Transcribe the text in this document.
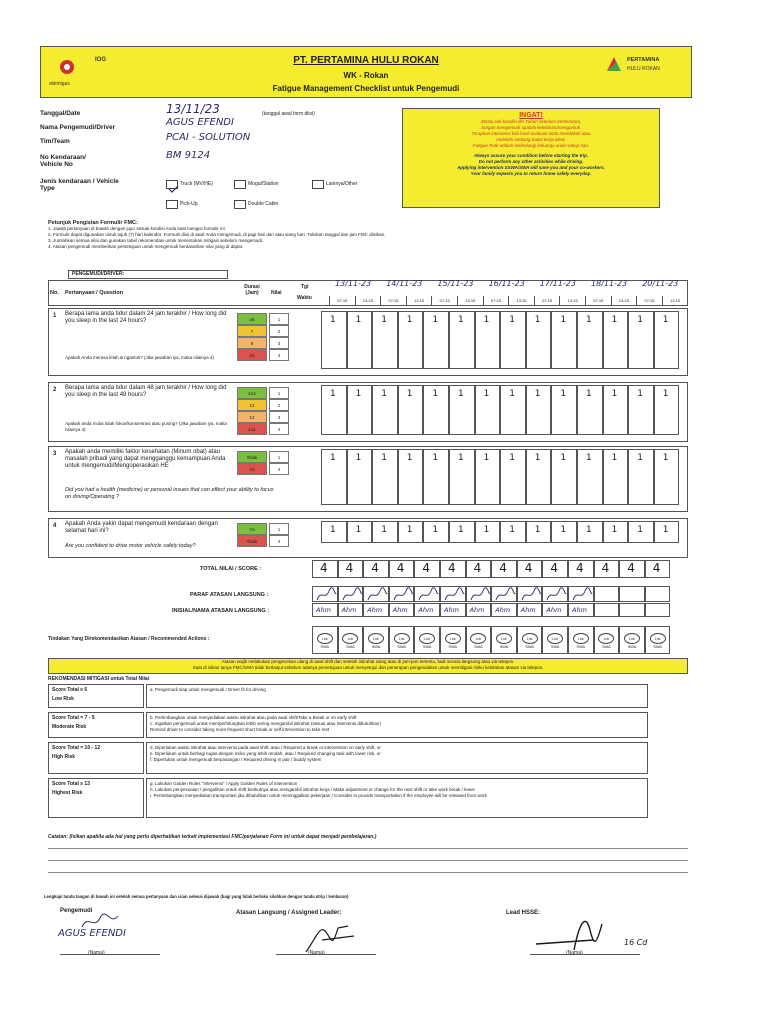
IOG
skkmigas
PT. PERTAMINA HULU ROKAN
WK - Rokan
Fatigue Management Checklist untuk Pengemudi
PERTAMINA
HULU ROKAN
Tanggal/Date	13/11/23	(tanggal awal form diisi)
Nama Pengemudi/Driver	AGUS EFENDI
Tim/Team	PCAI - SOLUTION
No Kendaraan/ Vehicle No
BM 9124
Jenis kendaraan / Vehicle Type
Truck (MV/HE)	Mogul/Station	Lainnya/Other
Pick-Up	Double Cabin
INGAT!
Selalu cek kondisi diri Tuhan sebelum berkendara,
Jangan mengemudi apabila kelelahan/mengantuk.
Terapkan intervensi bila hasil evaluasi anda mendekati atau
melebihi ambang batas kerja ideal.
Fatigue Rule adalah melindungi keluarga anda setiap hari.
Always assure your condition before starting the trip.
Do not perform any other activities while driving.
Applying intervention SSWA/SWA will save you and your co-workers.
Your family expects you to return home safely everyday.
Petunjuk Pengisian Formulir FMC:
1. Jawab pertanyaan di bawah dengan jujur sesuai kondisi Anda saat mengisi formulir ini.
2. Formulir dapat digunakan untuk tujuh (7) hari kalender. Formulir diisi di awal Anda mengemudi, di pagi hari dan atau siang hari. Tuliskan tanggal dan jam FMC diisikan.
3. Jumlahkan semua nilai dan gunakan tabel rekomendasi untuk menentukan mitigasi sebelum mengemudi.
4. Atasan pengemudi memberikan persetujuan untuk mengemudi berdasarkan nilai yang di dapat.
PENGEMUDI/DRIVER:
No. Pertanyaan / Question
Durasi (Jam)	Nilai
Tgl
Waktu
13/11-23	14/11-23	15/11-23	16/11-23	17/11-23	18/11-23	20/11-23
07:15	13:15	07:15	13:15	07:15	13:15	07:15	13:15	07:15	13:15	07:15	13:15	07:15	13:15
1 Berapa lama anda tidur dalam 24 jam terakhir / How long did you sleep in the last 24 hours?
Apakah Anda merasa lelah & ngantuk? (Jika jawaban iya, maka nilainya 4)
≥8	1
7	2
6	3
≤5	4
1 1 1 1 1 1 1 1 1 1 1 1 1 1
2 Berapa lama anda tidur dalam 48 jam terakhir / How long did you sleep in the last 48 hours?
Apakah anda mulai tidak fokus/konsentrasi atau pusing? (Jika jawaban iya, maka nilainya 4)
≥14	1
13	2
12	3
≤11	4
1 1 1 1 1 1 1 1 1 1 1 1 1 1
3 Apakah anda memiliki faktor kesehatan (Minum obat) atau masalah pribadi yang dapat mengganggu kemampuan Anda untuk mengemudi/Mengoperasikan HE
Did you had a health (medicine) or personal issues that can effect your ability to focus on driving/Operating ?
Tidak	1
Ya	4
1 1 1 1 1 1 1 1 1 1 1 1 1 1
4 Apakah Anda yakin dapat mengemudi kendaraan dengan selamat hari ini?
Are you confident to drive motor vehicle safely today?
Ya	1
Tidak	4
1 1 1 1 1 1 1 1 1 1 1 1 1 1
TOTAL NILAI / SCORE :
PARAF ATASAN LANGSUNG :
INISIAL/NAMA ATASAN LANGSUNG :
Tindakan Yang Direkomendasikan Atasan / Recommended Actions :
4 4 4 4 4 4 4 4 4 4 4 4 4 4
Ahm Ahm Ahm Ahm Ahm Ahm Ahm Ahm Ahm Ahm Ahm
Lnk
SWA
Lnk
SWA
Lnk
SWA
Lnk
SWA
Lnk
SWA
Lnk
SWA
Lnk
SWA
Lnk
SWA
Lnk
SWA
Lnk
SWA
Lnk
SWA
Lnk
SWA
Lnk
SWA
Lnk
SWA
Atasan wajib melakukan pengecekan ulang di awal shift dan setelah istirahat siang atau di jam-jam tertentu, baik secara langsung atau via telepon.
Saat di isikan tanya FMC/SWA tidak berlanjut sebelum adanya persetujuan untuk menyetujui dan penerapan pengendalian untuk memitigasi risiko kelelahan atasan via telepon.
REKOMENDASI MITIGASI untuk Total Nilai
Score Total ≤ 6
Low Risk
a. Pengemudi siap untuk mengemudi / Driver fit for driving
Score Total = 7 - 9
Moderate Risk
b. Pertimbangkan untuk menyediakan waktu istirahat atau pada awal shift/Take a Break or on early shift
c. Ingatkan pengemudi untuk memperhitungkan lebih sering mengambil istirahat (sesuai atau Intervensi dibutuhkan)
Remind driver to consider taking more frequent short break or self intervention to take rest
Score Total = 10 - 12
High Risk
d. Diperlukan waktu istirahat atau intervensi pada awal shift, atau / Required a break or intervention on early shift, or
e. Diperlukan untuk berbagi tugas dengan risiko yang lebih rendah, atau / Required changing task with lower risk, or
f. Diperlukan untuk mengemudi berpasangan / Required driving in pair / buddy system
Score Total ≥ 13
Highest Risk
g. Lakukan Golden Rules "Intervensi" / Apply Golden Rules of intervention
h. Lakukan penyesuaian / pengalihan untuk shift berikutnya atau mengambil istirahat kerja / Make adjustment or change for the next shift or take work break / leave
i. Pertimbangkan menyediakan transportasi jika dibutuhkan untuk meninggalkan pekerjaan / Consider to provide transportation if the employee will be released from work
Catatan: (Isikan apabila ada hal yang perlu diperhatikan terkait implementasi FMC/perjalanan Form ini untuk dapat menjadi pembelajaran.)
Lengkapi tanda tangan di bawah ini setelah semua pertanyaan dan isian selesai dijawab (bagi yang tidak berlaku silahkan dengan tanda strip / lembaran)
Pengemudi
AGUS EFENDI
(Nama)
Atasan Langsung / Assigned Leader:
(Nama)
Lead HSSE:
16 Cd
(Nama)
